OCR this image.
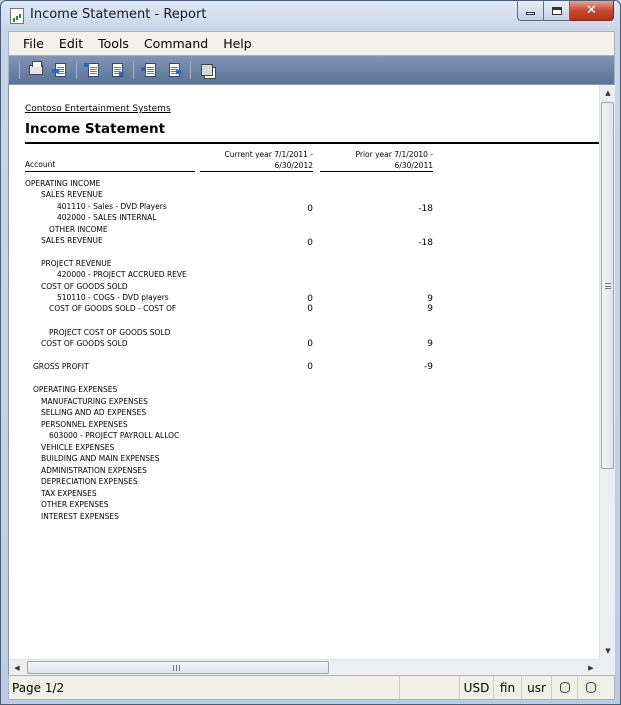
Income Statement - Report	✕
File	Edit	Tools	Command	Help
Contoso Entertainment Systems
Income Statement
Account
Current year 7/1/2011 -
6/30/2012
Prior year 7/1/2010 -
6/30/2011
OPERATING INCOME
SALES REVENUE
401110 - Sales - DVD Players	0	-18
402000 - SALES INTERNAL
OTHER INCOME
SALES REVENUE	0	-18
PROJECT REVENUE
420000 - PROJECT ACCRUED REVE
COST OF GOODS SOLD
510110 - COGS - DVD players	0	9
COST OF GOODS SOLD - COST OF	0	9
PROJECT COST OF GOODS SOLD
COST OF GOODS SOLD	0	9
GROSS PROFIT	0	-9
OPERATING EXPENSES
MANUFACTURING EXPENSES
SELLING AND AD EXPENSES
PERSONNEL EXPENSES
603000 - PROJECT PAYROLL ALLOC
VEHICLE EXPENSES
BUILDING AND MAIN EXPENSES
ADMINISTRATION EXPENSES
DEPRECIATION EXPENSES
TAX EXPENSES
OTHER EXPENSES
INTEREST EXPENSES
▲
▼
◀	▶
Page 1/2	USD fin	usr
